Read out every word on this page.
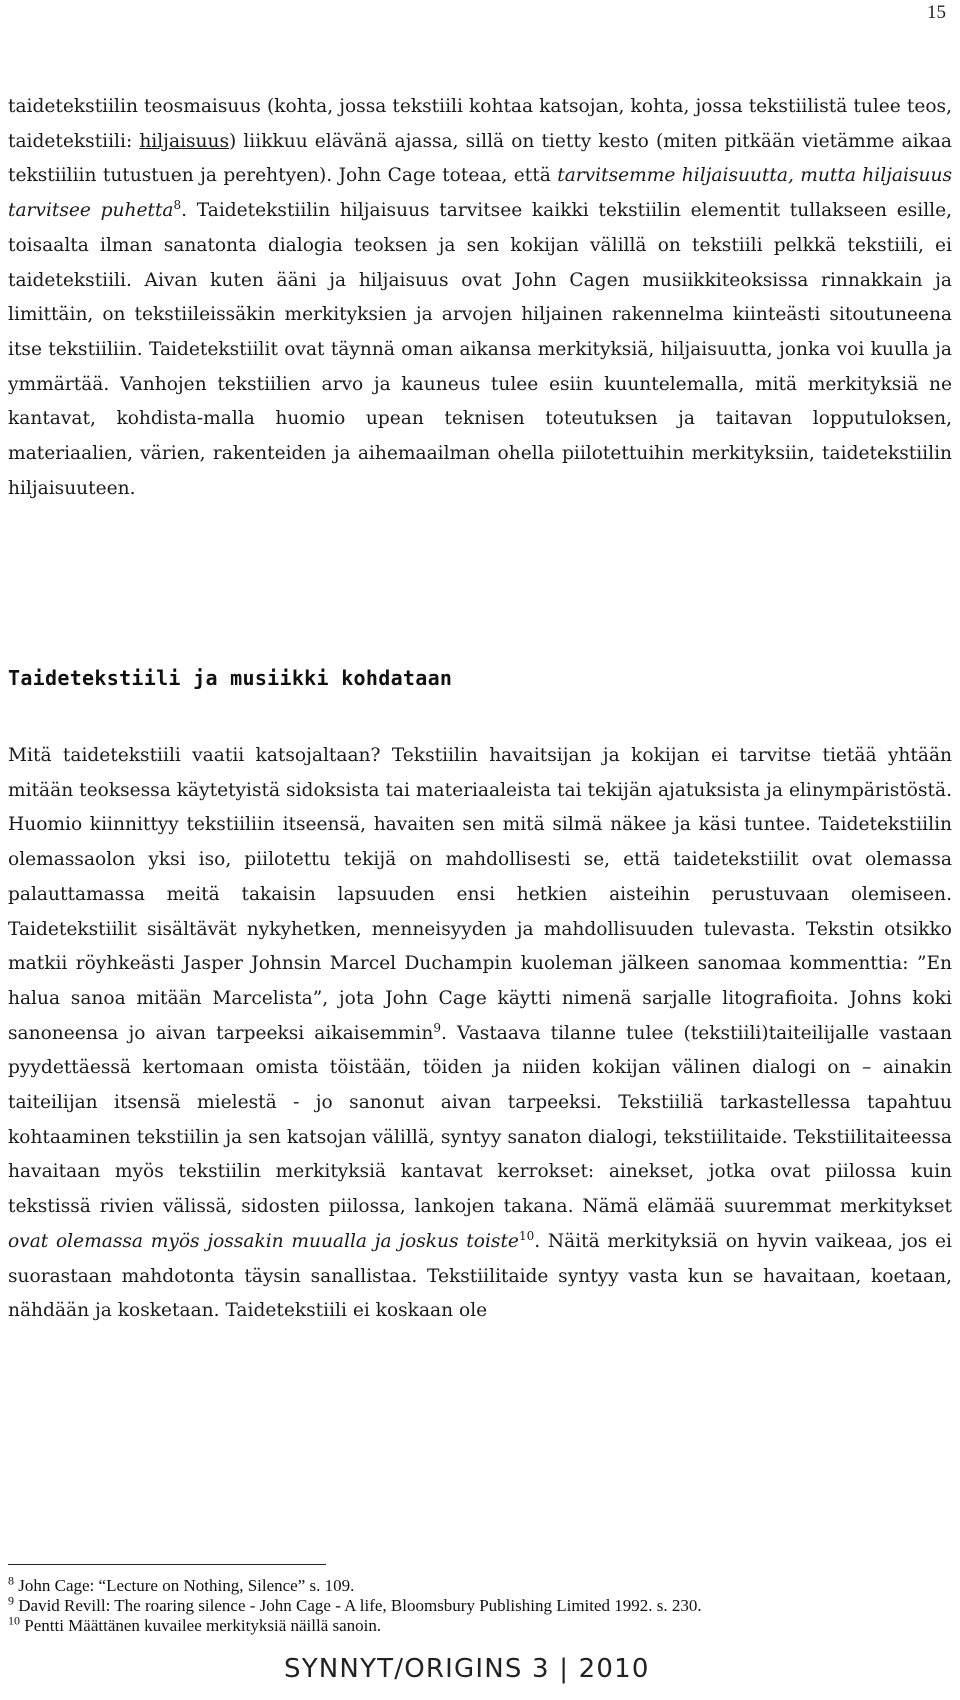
15

taidetekstiilin teosmaisuus (kohta, jossa tekstiili kohtaa katsojan, kohta, jossa tekstiilistä tulee teos, taidetekstiili: hiljaisuus) liikkuu elävänä ajassa, sillä on tietty kesto (miten pitkään vietämme aikaa tekstiiliin tutustuen ja perehtyen). John Cage toteaa, että tarvitsemme hiljaisuutta, mutta hiljaisuus tarvitsee puhetta$^8$. Taidetekstiilin hiljaisuus tarvitsee kaikki tekstiilin elementit tullakseen esille, toisaalta ilman sanatonta dialogia teoksen ja sen kokijan välillä on tekstiili pelkkä tekstiili, ei taidetekstiili. Aivan kuten ääni ja hiljaisuus ovat John Cagen musiikkiteoksissa rinnakkain ja limittäin, on tekstiileissäkin merkityksien ja arvojen hiljainen rakennelma kiinteästi sitoutuneena itse tekstiiliin. Taidetekstiilit ovat täynnä oman aikansa merkityksiä, hiljaisuutta, jonka voi kuulla ja ymmärtää. Vanhojen tekstiilien arvo ja kauneus tulee esiin kuuntelemalla, mitä merkityksiä ne kantavat, kohdista-malla huomio upean teknisen toteutuksen ja taitavan lopputuloksen, materiaalien, värien, rakenteiden ja aihemaailman ohella piilotettuihin merkityksiin, taidetekstiilin hiljaisuuteen.

Taidetekstiili ja musiikki kohdataan

Mitä taidetekstiili vaatii katsojaltaan? Tekstiilin havaitsijan ja kokijan ei tarvitse tietää yhtään mitään teoksessa käytetyistä sidoksista tai materiaaleista tai tekijän ajatuksista ja elinympäristöstä. Huomio kiinnittyy tekstiiliin itseensä, havaiten sen mitä silmä näkee ja käsi tuntee. Taidetekstiilin olemassaolon yksi iso, piilotettu tekijä on mahdollisesti se, että taidetekstiilit ovat olemassa palauttamassa meitä takaisin lapsuuden ensi hetkien aisteihin perustuvaan olemiseen. Taidetekstiilit sisältävät nykyhetken, menneisyyden ja mahdollisuuden tulevasta. Tekstin otsikko matkii röyhkeästi Jasper Johnsin Marcel Duchampin kuoleman jälkeen sanomaa kommenttia: ”En halua sanoa mitään Marcelista”, jota John Cage käytti nimenä sarjalle litografioita. Johns koki sanoneensa jo aivan tarpeeksi aikaisemmin$^9$. Vastaava tilanne tulee (tekstiili)taiteilijalle vastaan pyydettäessä kertomaan omista töistään, töiden ja niiden kokijan välinen dialogi on – ainakin taiteilijan itsensä mielestä - jo sanonut aivan tarpeeksi. Tekstiiliä tarkastellessa tapahtuu kohtaaminen tekstiilin ja sen katsojan välillä, syntyy sanaton dialogi, tekstiilitaide. Tekstiilitaiteessa havaitaan myös tekstiilin merkityksiä kantavat kerrokset: ainekset, jotka ovat piilossa kuin tekstissä rivien välissä, sidosten piilossa, lankojen takana. Nämä elämää suuremmat merkitykset ovat olemassa myös jossakin muualla ja joskus toiste$^{10}$. Näitä merkityksiä on hyvin vaikeaa, jos ei suorastaan mahdotonta täysin sanallistaa. Tekstiilitaide syntyy vasta kun se havaitaan, koetaan, nähdään ja kosketaan. Taidetekstiili ei koskaan ole

$^8$ John Cage: “Lecture on Nothing, Silence” s. 109.
$^9$ David Revill: The roaring silence - John Cage - A life, Bloomsbury Publishing Limited 1992. s. 230.
$^{10}$ Pentti Määttänen kuvailee merkityksiä näillä sanoin.
SYNNYT/ORIGINS 3 | 2010
